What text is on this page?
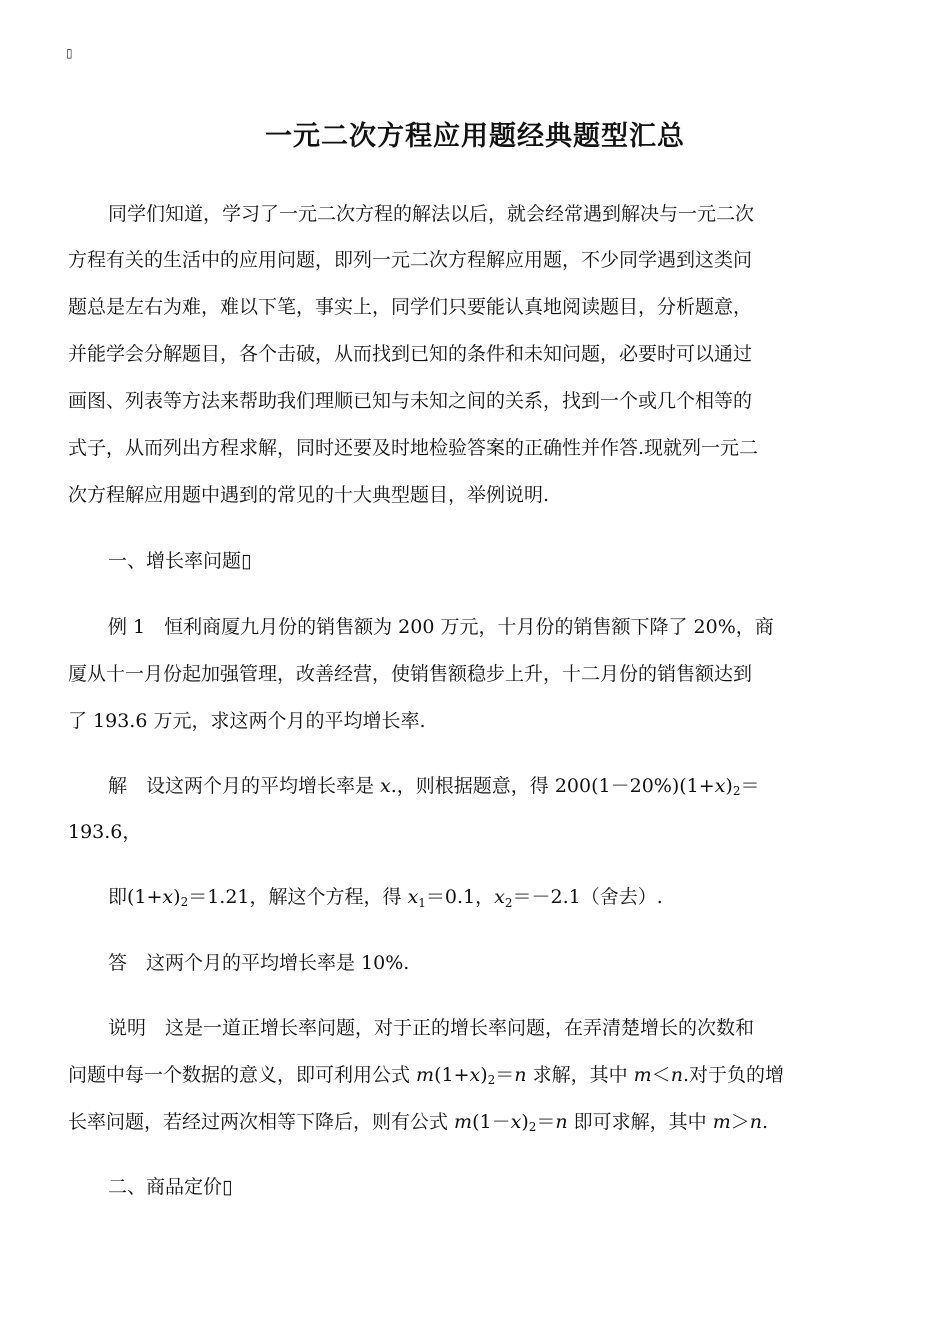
▯
一元二次方程应用题经典题型汇总
同学们知道，学习了一元二次方程的解法以后，就会经常遇到解决与一元二次
方程有关的生活中的应用问题，即列一元二次方程解应用题，不少同学遇到这类问
题总是左右为难，难以下笔，事实上，同学们只要能认真地阅读题目，分析题意，
并能学会分解题目，各个击破，从而找到已知的条件和未知问题，必要时可以通过
画图、列表等方法来帮助我们理顺已知与未知之间的关系，找到一个或几个相等的
式子，从而列出方程求解，同时还要及时地检验答案的正确性并作答.现就列一元二
次方程解应用题中遇到的常见的十大典型题目，举例说明.
一、增长率问题▯
例 1　恒利商厦九月份的销售额为 200 万元，十月份的销售额下降了 20%，商
厦从十一月份起加强管理，改善经营，使销售额稳步上升，十二月份的销售额达到
了 193.6 万元，求这两个月的平均增长率.
解　设这两个月的平均增长率是 x.，则根据题意，得 200(1－20%)(1+x)2＝
193.6，
即(1+x)2＝1.21，解这个方程，得 $x_1=0.1$，$x_2=-2.1$（舍去）.
答　这两个月的平均增长率是 10%.
说明　这是一道正增长率问题，对于正的增长率问题，在弄清楚增长的次数和
问题中每一个数据的意义，即可利用公式 m(1+x)2＝n 求解，其中 m＜n.对于负的增
长率问题，若经过两次相等下降后，则有公式 m(1－x)2＝n 即可求解，其中 m＞n.
二、商品定价▯
